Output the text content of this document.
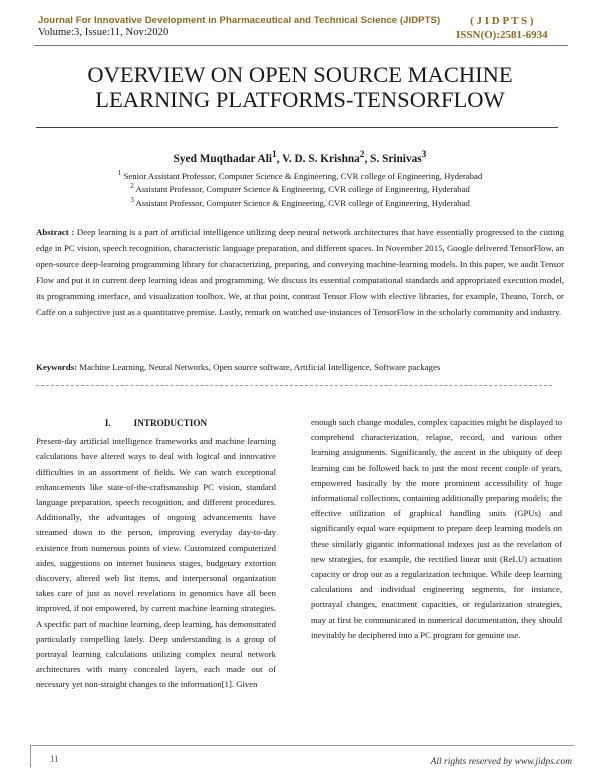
Journal For Innovative Development in Pharmaceutical and Technical Science (JIDPTS)
Volume:3, Issue:11, Nov:2020
( J I D P T S )
ISSN(O):2581-6934
OVERVIEW ON OPEN SOURCE MACHINE
LEARNING PLATFORMS-TENSORFLOW
Syed Muqthadar Ali$^1$, V. D. S. Krishna$^2$, S. Srinivas$^3$
$^1$ Senior Assistant Professor, Computer Science & Engineering, CVR college of Engineering, Hyderabad
$^2$ Assistant Professor, Computer Science & Engineering, CVR college of Engineering, Hyderabad
$^3$ Assistant Professor, Computer Science & Engineering, CVR college of Engineering, Hyderabad
Abstract : Deep learning is a part of artificial intelligence utilizing deep neural network architectures that have essentially progressed to the cutting edge in PC vision, speech recognition, characteristic language preparation, and different spaces. In November 2015, Google delivered TensorFlow, an open-source deep-learning programming library for characterizing, preparing, and conveying machine-learning models. In this paper, we audit Tensor Flow and put it in current deep learning ideas and programming. We discuss its essential computational standards and appropriated execution model, its programming interface, and visualization toolbox. We, at that point, contrast Tensor Flow with elective libraries, for example, Theano, Torch, or Caffe on a subjective just as a quantitative premise. Lastly, remark on watched use-instances of TensorFlow in the scholarly community and industry.
Keywords: Machine Learning, Neural Networks, Open source software, Artificial Intelligence, Software packages
I.          INTRODUCTION
Present-day artificial intelligence frameworks and machine learning calculations have altered ways to deal with logical and innovative difficulties in an assortment of fields. We can watch exceptional enhancements like state-of-the-craftsmanship PC vision, standard language preparation, speech recognition, and different procedures. Additionally, the advantages of ongoing advancements have streamed down to the person, improving everyday day-to-day existence from numerous points of view. Customized computerized aides, suggestions on internet business stages, budgetary extortion discovery, altered web list items, and interpersonal organization takes care of just as novel revelations in genomics have all been improved, if not empowered, by current machine learning strategies. A specific part of machine learning, deep learning, has demonstrated particularly compelling lately. Deep understanding is a group of portrayal learning calculations utilizing complex neural network architectures with many concealed layers, each made out of necessary yet non-straight changes to the information[1]. Given
enough such change modules, complex capacities might be displayed to comprehend characterization, relapse, record, and various other learning assignments. Significantly, the ascent in the ubiquity of deep learning can be followed back to just the most recent couple of years, empowered basically by the more prominent accessibility of huge informational collections, containing additionally preparing models; the effective utilization of graphical handling units (GPUs) and significantly equal ware equipment to prepare deep learning models on these similarly gigantic informational indexes just as the revelation of new strategies, for example, the rectified linear unit (ReLU) actuation capacity or drop out as a regularization technique. While deep learning calculations and individual engineering segments, for instance, portrayal changes, enactment capacities, or regularization strategies, may at first be communicated in numerical documentation, they should inevitably be deciphered into a PC program for genuine use.
11	All rights reserved by www.jidps.com
